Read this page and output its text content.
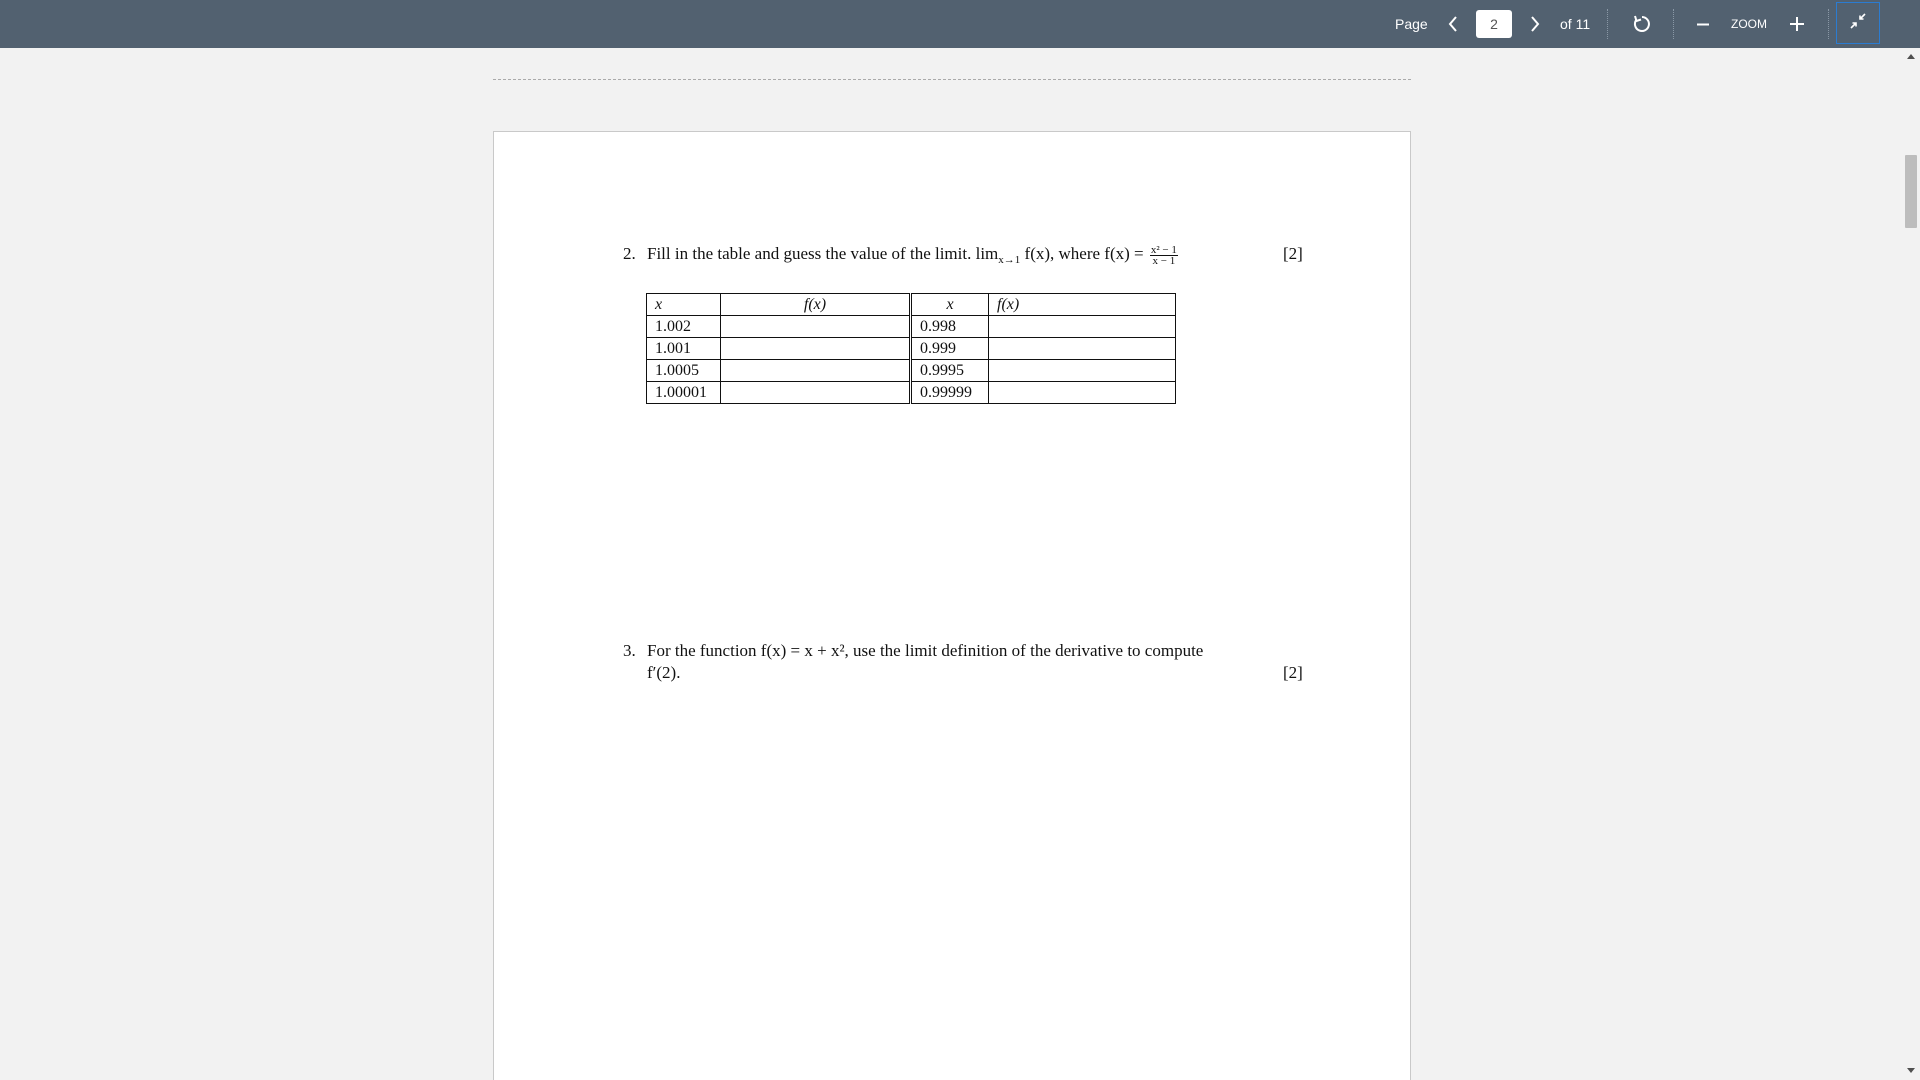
Page
2	of 11	ZOOM
2. Fill in the table and guess the value of the limit. $\lim_{x\to 1} f(x)$, where $f(x) = \frac{\text{x² − 1}}{x - 1}$	[2]
x	f(x)	x	f(x)
1.002		0.998	
1.001		0.999	
1.0005		0.9995	
1.00001		0.99999	
3. For the function f(x) = x + x², use the limit definition of the derivative to compute
f′(2).	[2]
